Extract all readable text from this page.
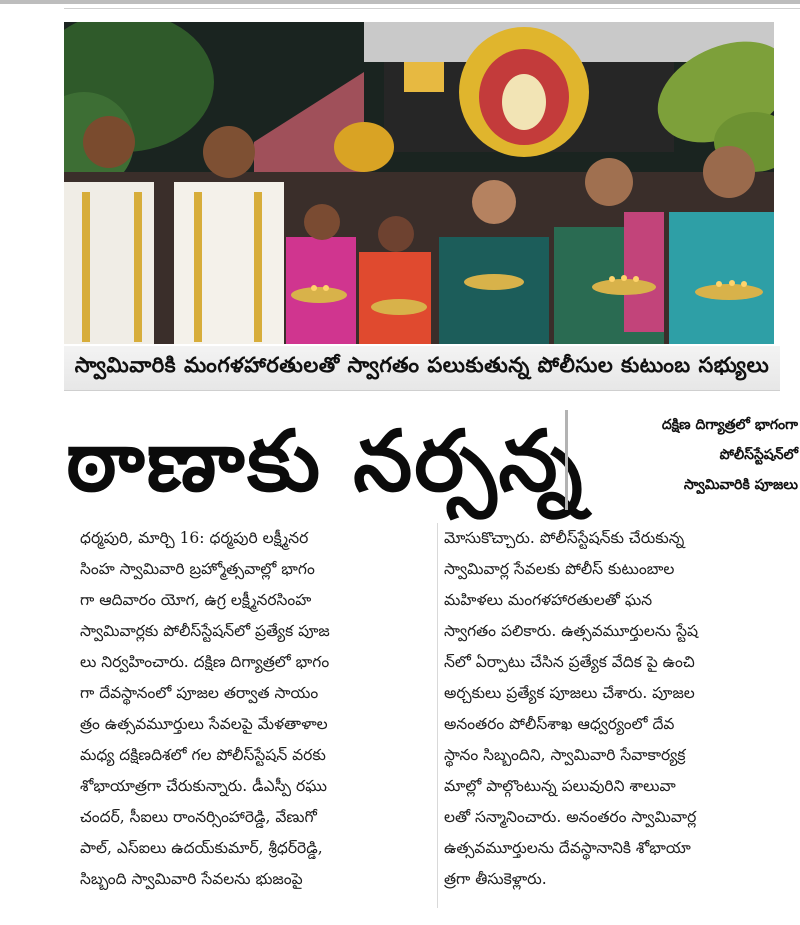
స్వామివారికి మంగళహారతులతో స్వాగతం పలుకుతున్న పోలీసుల కుటుంబ సభ్యులు
ఠాణాకు నర్సన్న	దక్షిణ దిగ్యాత్రలో భాగంగా
పోలీస్‌స్టేషన్‌లో
స్వామివారికి పూజలు
ధర్మపురి, మార్చి 16: ధర్మపురి లక్ష్మీనర
సింహ స్వామివారి బ్రహ్మోత్సవాల్లో భాగం
గా ఆదివారం యోగ, ఉగ్ర లక్ష్మీనరసింహ
స్వామివార్లకు పోలీస్‌స్టేషన్‌లో ప్రత్యేక పూజ
లు నిర్వహించారు. దక్షిణ దిగ్యాత్రలో భాగం
గా దేవస్థానంలో పూజల తర్వాత సాయం
త్రం ఉత్సవమూర్తులు సేవలపై మేళతాళాల
మధ్య దక్షిణదిశలో గల పోలీస్‌స్టేషన్ వరకు
శోభాయాత్రగా చేరుకున్నారు. డీఎస్పీ రఘు
చందర్, సీఐలు రాంనర్సింహారెడ్డి, వేణుగో
పాల్, ఎస్ఐలు ఉదయ్‌కుమార్, శ్రీధర్‌రెడ్డి,
సిబ్బంది స్వామివారి సేవలను భుజంపై
మోసుకొచ్చారు. పోలీస్‌స్టేషన్‌కు చేరుకున్న
స్వామివార్ల సేవలకు పోలీస్ కుటుంబాల
మహిళలు మంగళహారతులతో ఘన
స్వాగతం పలికారు. ఉత్సవమూర్తులను స్టేష
న్‌లో ఏర్పాటు చేసిన ప్రత్యేక వేదిక పై ఉంచి
అర్చకులు ప్రత్యేక పూజలు చేశారు. పూజల
అనంతరం పోలీస్‌శాఖ ఆధ్వర్యంలో దేవ
స్థానం సిబ్బందిని, స్వామివారి సేవాకార్యక్ర
మాల్లో పాల్గొంటున్న పలువురిని శాలువా
లతో సన్మానించారు. అనంతరం స్వామివార్ల
ఉత్సవమూర్తులను దేవస్థానానికి శోభాయా
త్రగా తీసుకెళ్లారు.
